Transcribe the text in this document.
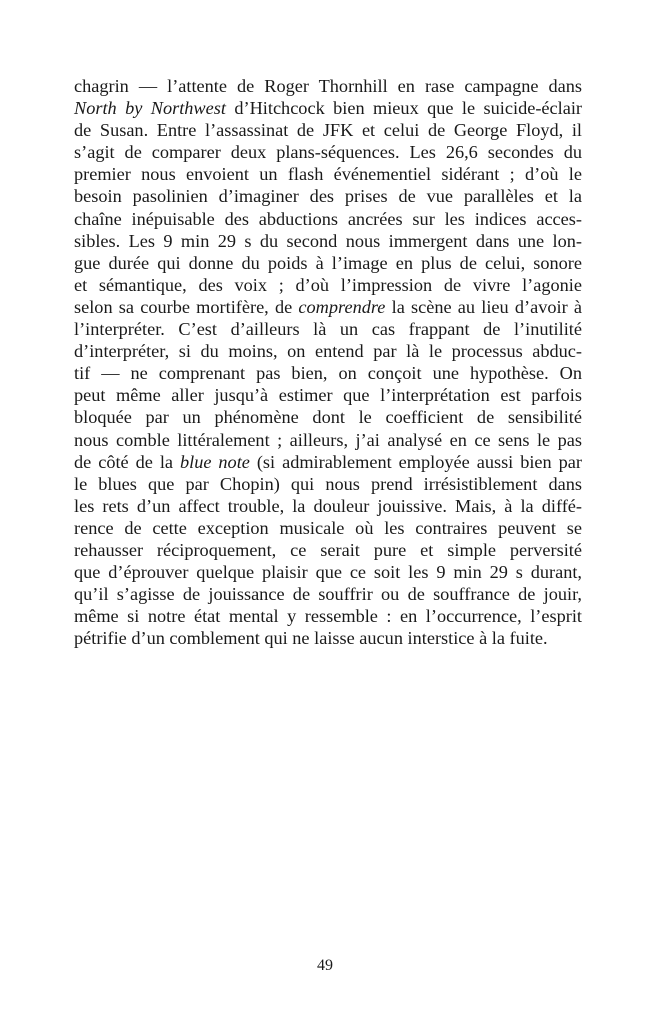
chagrin — l’attente de Roger Thornhill en rase campagne dans
North by Northwest d’Hitchcock bien mieux que le suicide-éclair
de Susan. Entre l’assassinat de JFK et celui de George Floyd, il
s’agit de comparer deux plans-séquences. Les 26,6 secondes du
premier nous envoient un flash événementiel sidérant ; d’où le
besoin pasolinien d’imaginer des prises de vue parallèles et la
chaîne inépuisable des abductions ancrées sur les indices acces-
sibles. Les 9 min 29 s du second nous immergent dans une lon-
gue durée qui donne du poids à l’image en plus de celui, sonore
et sémantique, des voix ; d’où l’impression de vivre l’agonie
selon sa courbe mortifère, de comprendre la scène au lieu d’avoir à
l’interpréter. C’est d’ailleurs là un cas frappant de l’inutilité
d’interpréter, si du moins, on entend par là le processus abduc-
tif — ne comprenant pas bien, on conçoit une hypothèse. On
peut même aller jusqu’à estimer que l’interprétation est parfois
bloquée par un phénomène dont le coefficient de sensibilité
nous comble littéralement ; ailleurs, j’ai analysé en ce sens le pas
de côté de la blue note (si admirablement employée aussi bien par
le blues que par Chopin) qui nous prend irrésistiblement dans
les rets d’un affect trouble, la douleur jouissive. Mais, à la diffé-
rence de cette exception musicale où les contraires peuvent se
rehausser réciproquement, ce serait pure et simple perversité
que d’éprouver quelque plaisir que ce soit les 9 min 29 s durant,
qu’il s’agisse de jouissance de souffrir ou de souffrance de jouir,
même si notre état mental y ressemble : en l’occurrence, l’esprit
pétrifie d’un comblement qui ne laisse aucun interstice à la fuite.
49
